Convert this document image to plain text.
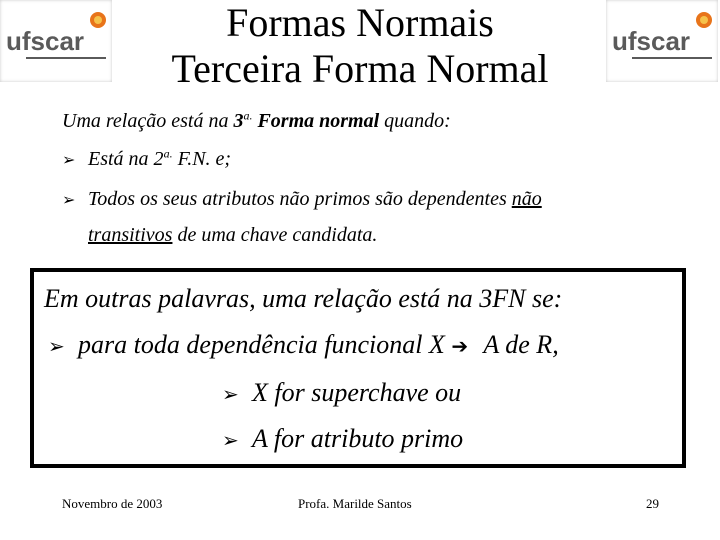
ufscar	ufscar
Formas Normais
Terceira Forma Normal
Uma relação está na $3^{a.}$ Forma normal quando:
➢ Está na $2^{a.}$ F.N. e;
➢ Todos os seus atributos não primos são dependentes não
transitivos de uma chave candidata.
Em outras palavras, uma relação está na 3FN se:
➢ para toda dependência funcional X ➔ A de R,
➢ X for superchave ou
➢ A for atributo primo
Novembro de 2003	Profa. Marilde Santos	29
